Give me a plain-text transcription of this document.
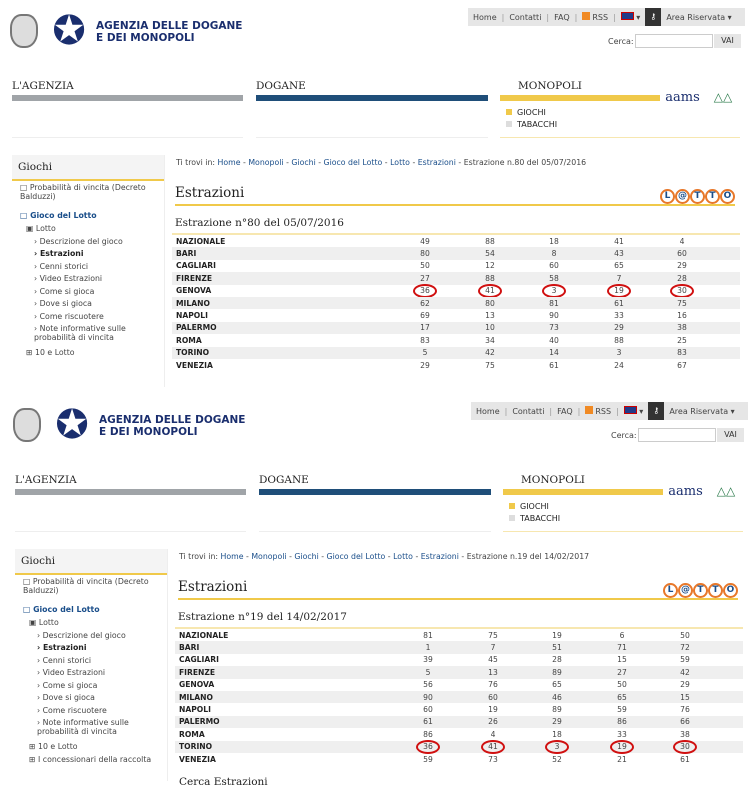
✪ AGENZIA DELLE DOGANE
E DEI MONOPOLI
Home | Contatti | FAQ |	RSS |	▾	⚷	Area Riservata ▾
Cerca:	VAI
L'AGENZIA	DOGANE	MONOPOLI
GIOCHI
TABACCHI
aams	△△
Giochi
□ Probabilità di vincita (Decreto Balduzzi)
□ Gioco del Lotto
▣ Lotto
› Descrizione del gioco
› Estrazioni
› Cenni storici
› Video Estrazioni
› Come si gioca
› Dove si gioca
› Come riscuotere
› Note informative sulle probabilità di vincita
⊞ 10 e Lotto
Ti trovi in: Home - Monopoli - Giochi - Gioco del Lotto - Lotto - Estrazioni - Estrazione n.80 del 05/07/2016
Estrazioni	L @ T T O
Estrazione n°80 del 05/07/2016
NAZIONALE	49	88	18	41	4
BARI	80	54	8	43	60
CAGLIARI	50	12	60	65	29
FIRENZE	27	88	58	7	28
GENOVA	36	41	3	19	30
MILANO	62	80	81	61	75
NAPOLI	69	13	90	33	16
PALERMO	17	10	73	29	38
ROMA	83	34	40	88	25
TORINO	5	42	14	3	83
VENEZIA	29	75	61	24	67
✪ AGENZIA DELLE DOGANE
E DEI MONOPOLI
Home | Contatti | FAQ |	RSS |	▾	⚷	Area Riservata ▾
Cerca:	VAI
L'AGENZIA	DOGANE	MONOPOLI
GIOCHI
TABACCHI
aams	△△
Giochi
□ Probabilità di vincita (Decreto Balduzzi)
□ Gioco del Lotto
▣ Lotto
› Descrizione del gioco
› Estrazioni
› Cenni storici
› Video Estrazioni
› Come si gioca
› Dove si gioca
› Come riscuotere
› Note informative sulle probabilità di vincita
⊞ 10 e Lotto
⊞ I concessionari della raccolta
Ti trovi in: Home - Monopoli - Giochi - Gioco del Lotto - Lotto - Estrazioni - Estrazione n.19 del 14/02/2017
Estrazioni	L @ T T O
Estrazione n°19 del 14/02/2017
NAZIONALE	81	75	19	6	50
BARI	1	7	51	71	72
CAGLIARI	39	45	28	15	59
FIRENZE	5	13	89	27	42
GENOVA	56	76	65	50	29
MILANO	90	60	46	65	15
NAPOLI	60	19	89	59	76
PALERMO	61	26	29	86	66
ROMA	86	4	18	33	38
TORINO	36	41	3	19	30
VENEZIA	59	73	52	21	61
Cerca Estrazioni
